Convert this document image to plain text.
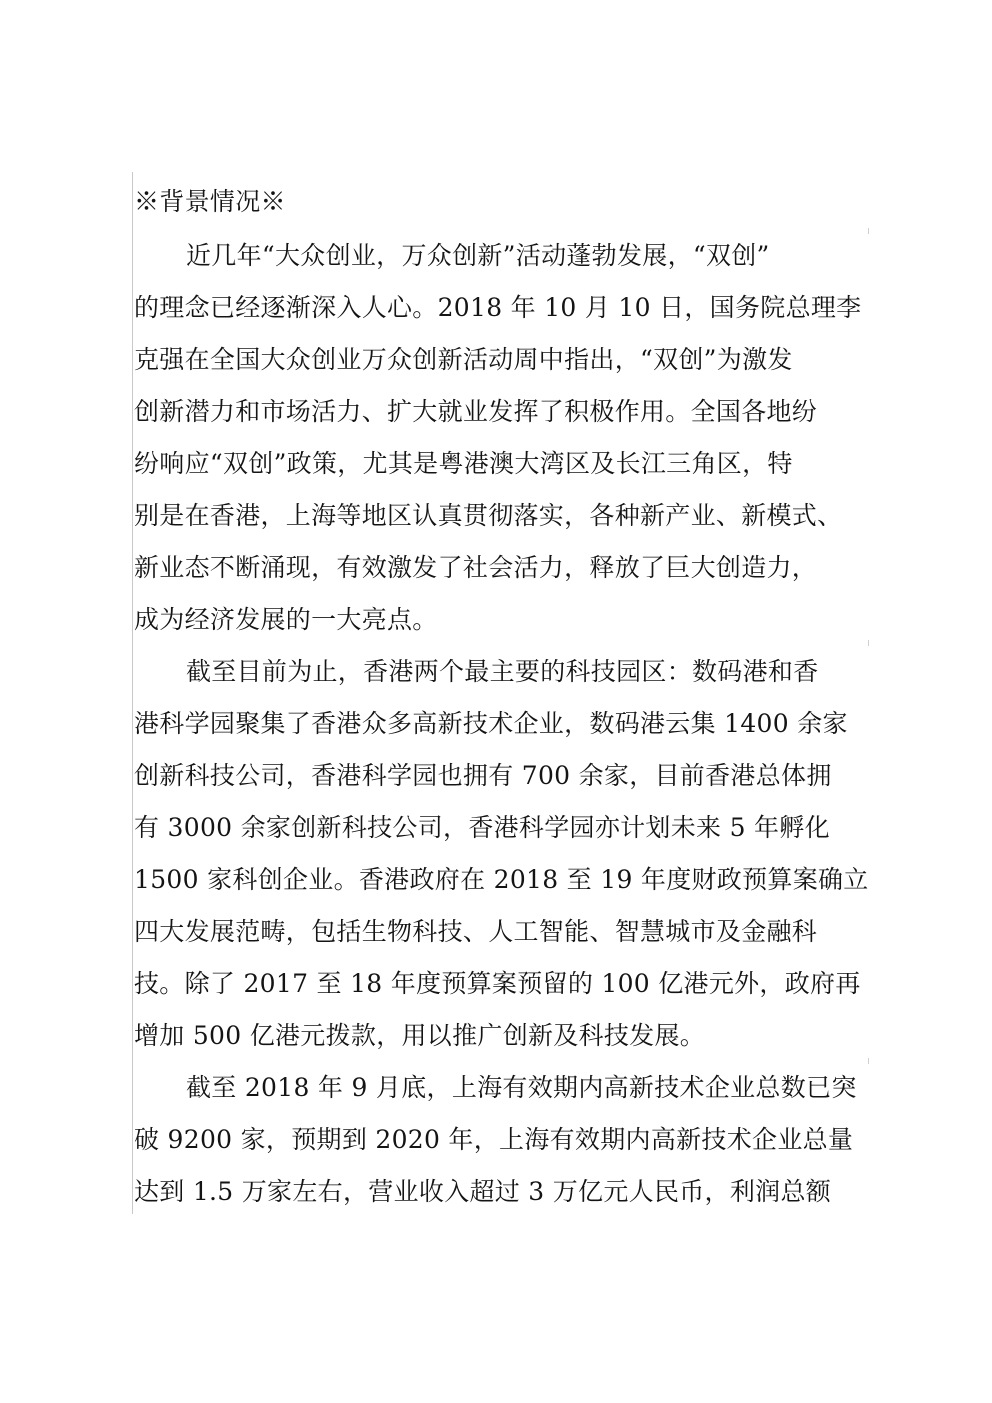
※背景情况※
近几年“大众创业，万众创新”活动蓬勃发展，“双创”
的理念已经逐渐深入人心。2018 年 10 月 10 日，国务院总理李
克强在全国大众创业万众创新活动周中指出，“双创”为激发
创新潜力和市场活力、扩大就业发挥了积极作用。全国各地纷
纷响应“双创”政策，尤其是粤港澳大湾区及长江三角区，特
别是在香港，上海等地区认真贯彻落实，各种新产业、新模式、
新业态不断涌现，有效激发了社会活力，释放了巨大创造力，
成为经济发展的一大亮点。
截至目前为止，香港两个最主要的科技园区：数码港和香
港科学园聚集了香港众多高新技术企业，数码港云集 1400 余家
创新科技公司，香港科学园也拥有 700 余家，目前香港总体拥
有 3000 余家创新科技公司，香港科学园亦计划未来 5 年孵化
1500 家科创企业。香港政府在 2018 至 19 年度财政预算案确立
四大发展范畴，包括生物科技、人工智能、智慧城市及金融科
技。除了 2017 至 18 年度预算案预留的 100 亿港元外，政府再
增加 500 亿港元拨款，用以推广创新及科技发展。
截至 2018 年 9 月底，上海有效期内高新技术企业总数已突
破 9200 家，预期到 2020 年，上海有效期内高新技术企业总量
达到 1.5 万家左右，营业收入超过 3 万亿元人民币，利润总额
